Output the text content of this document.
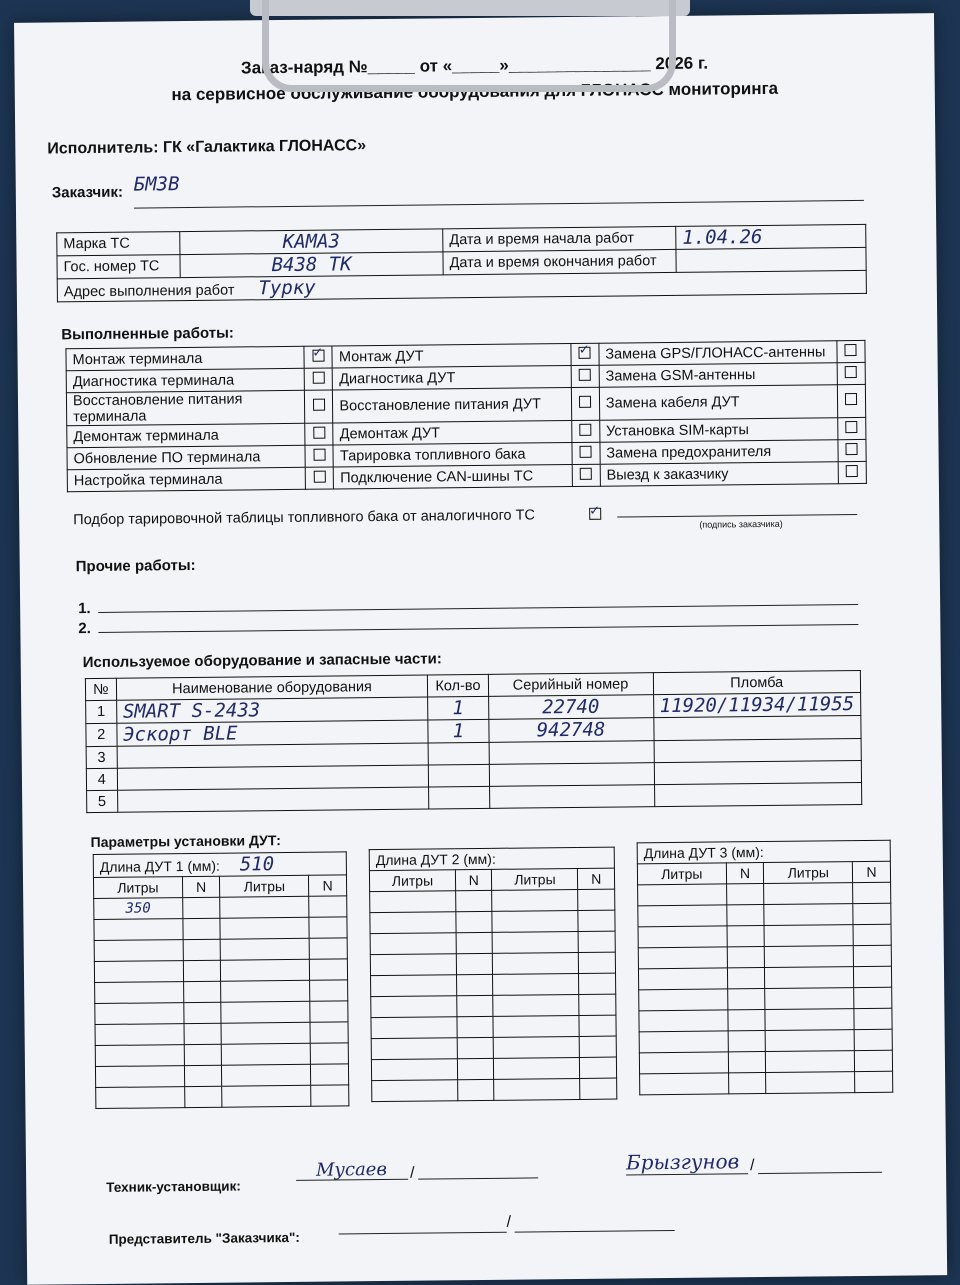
Заказ-наряд №_____ от «_____»_______________ 2026 г.
на сервисное обслуживание оборудования для ГЛОНАСС мониторинга
Исполнитель: ГК «Галактика ГЛОНАСС»
Заказчик: БМЗВ
Марка ТС	КАМАЗ	Дата и время начала работ	1.04.26
Гос. номер ТС	В438 ТК	Дата и время окончания работ	
Адрес выполнения работ Турку			
Выполненные работы:
Монтаж терминала	✓	Монтаж ДУТ	✓	Замена GPS/ГЛОНАСС-антенны	
Диагностика терминала		Диагностика ДУТ		Замена GSM-антенны	
Восстановление питания терминала		Восстановление питания ДУТ		Замена кабеля ДУТ	
Демонтаж терминала		Демонтаж ДУТ		Установка SIM-карты	
Обновление ПО терминала		Тарировка топливного бака		Замена предохранителя	
Настройка терминала		Подключение CAN-шины ТС		Выезд к заказчику	
Подбор тарировочной таблицы топливного бака от аналогичного ТС
✓	(подпись заказчика)
Прочие работы:
1.
2.
Используемое оборудование и запасные части:
№	Наименование оборудования	Кол-во	Серийный номер	Пломба
1	SMART S-2433	1	22740	11920/11934/11955
2	Эскорт BLE	1	942748	
3				
4				
5				
Параметры установки ДУТ:
Длина ДУТ 1 (мм): 510			
Литры	N	Литры	N
350			

Длина ДУТ 2 (мм):			
Литры	N	Литры	N

Длина ДУТ 3 (мм):			
Литры	N	Литры	N

Техник-установщик:
Мусаев /	Брызгунов /
Представитель "Заказчика":
/
